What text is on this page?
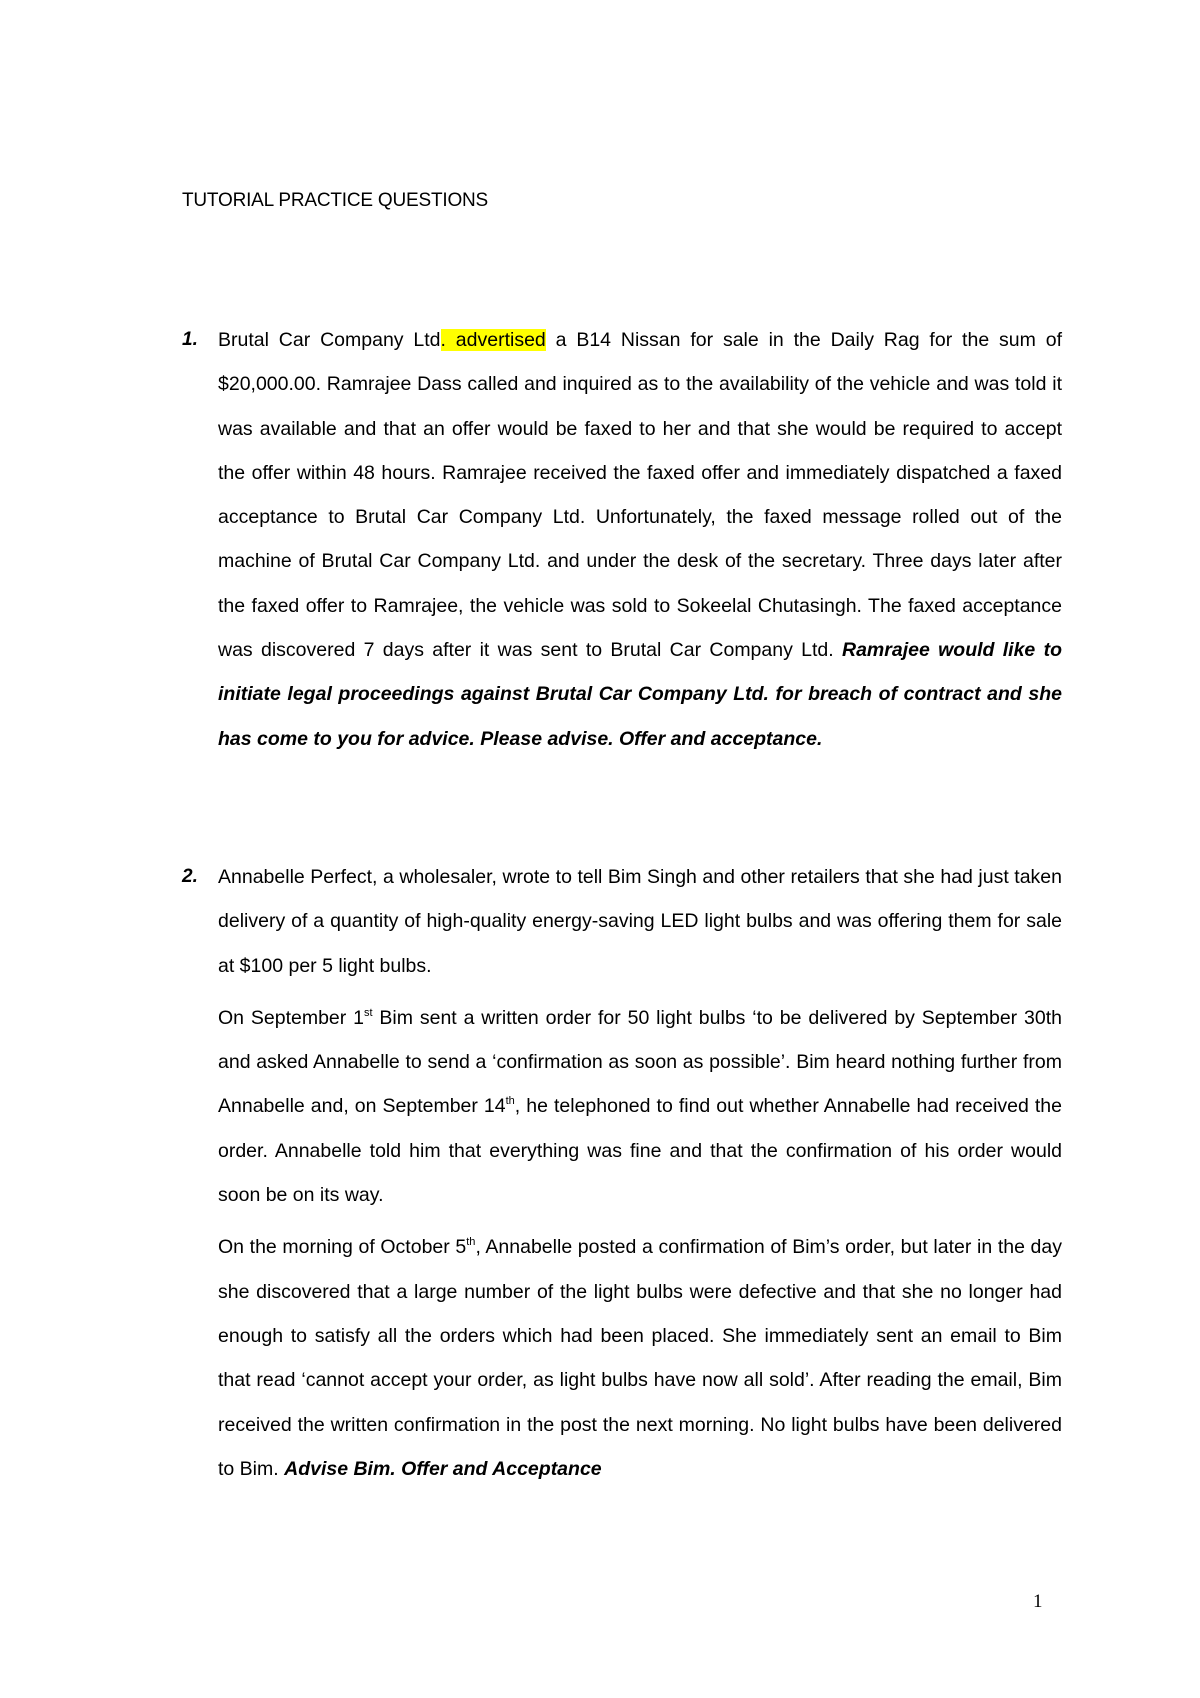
TUTORIAL PRACTICE QUESTIONS
1. Brutal Car Company Ltd. advertised a B14 Nissan for sale in the Daily Rag for the sum of $20,000.00. Ramrajee Dass called and inquired as to the availability of the vehicle and was told it was available and that an offer would be faxed to her and that she would be required to accept the offer within 48 hours. Ramrajee received the faxed offer and immediately dispatched a faxed acceptance to Brutal Car Company Ltd. Unfortunately, the faxed message rolled out of the machine of Brutal Car Company Ltd. and under the desk of the secretary. Three days later after the faxed offer to Ramrajee, the vehicle was sold to Sokeelal Chutasingh. The faxed acceptance was discovered 7 days after it was sent to Brutal Car Company Ltd. Ramrajee would like to initiate legal proceedings against Brutal Car Company Ltd. for breach of contract and she has come to you for advice. Please advise. Offer and acceptance.

2. Annabelle Perfect, a wholesaler, wrote to tell Bim Singh and other retailers that she had just taken delivery of a quantity of high-quality energy-saving LED light bulbs and was offering them for sale at $100 per 5 light bulbs.

On September 1st Bim sent a written order for 50 light bulbs ‘to be delivered by September 30th and asked Annabelle to send a ‘confirmation as soon as possible’. Bim heard nothing further from Annabelle and, on September 14th, he telephoned to find out whether Annabelle had received the order. Annabelle told him that everything was fine and that the confirmation of his order would soon be on its way.

On the morning of October 5th, Annabelle posted a confirmation of Bim’s order, but later in the day she discovered that a large number of the light bulbs were defective and that she no longer had enough to satisfy all the orders which had been placed. She immediately sent an email to Bim that read ‘cannot accept your order, as light bulbs have now all sold’. After reading the email, Bim received the written confirmation in the post the next morning. No light bulbs have been delivered to Bim. Advise Bim. Offer and Acceptance

1
